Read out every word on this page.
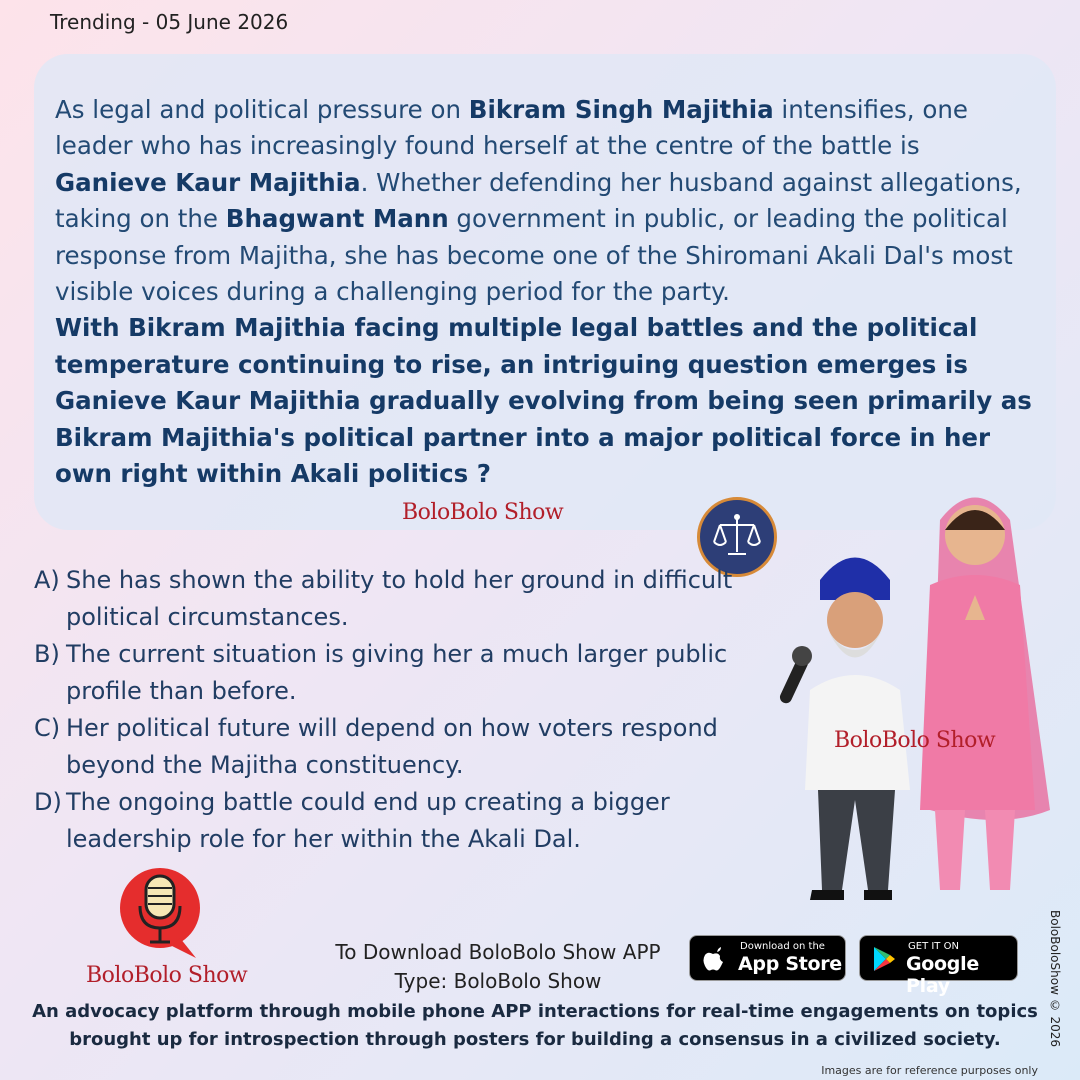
Trending - 05 June 2026

As legal and political pressure on Bikram Singh Majithia intensifies, one leader who has increasingly found herself at the centre of the battle is Ganieve Kaur Majithia. Whether defending her husband against allegations, taking on the Bhagwant Mann government in public, or leading the political response from Majitha, she has become one of the Shiromani Akali Dal's most visible voices during a challenging period for the party.

With Bikram Majithia facing multiple legal battles and the political temperature continuing to rise, an intriguing question emerges is Ganieve Kaur Majithia gradually evolving from being seen primarily as Bikram Majithia's political partner into a major political force in her own right within Akali politics ?

BoloBolo Show
A) She has shown the ability to hold her ground in difficult political circumstances.
B) The current situation is giving her a much larger public profile than before.
C) Her political future will depend on how voters respond beyond the Majitha constituency.
D) The ongoing battle could end up creating a bigger leadership role for her within the Akali Dal.
BoloBolo Show
BoloBolo Show
To Download BoloBolo Show APP
Type: BoloBolo Show
Download on the
App Store
GET IT ON
Google Play
An advocacy platform through mobile phone APP interactions for real-time engagements on topics brought up for introspection through posters for building a consensus in a civilized society.	BoloBoloShow © 2026
Images are for reference purposes only
